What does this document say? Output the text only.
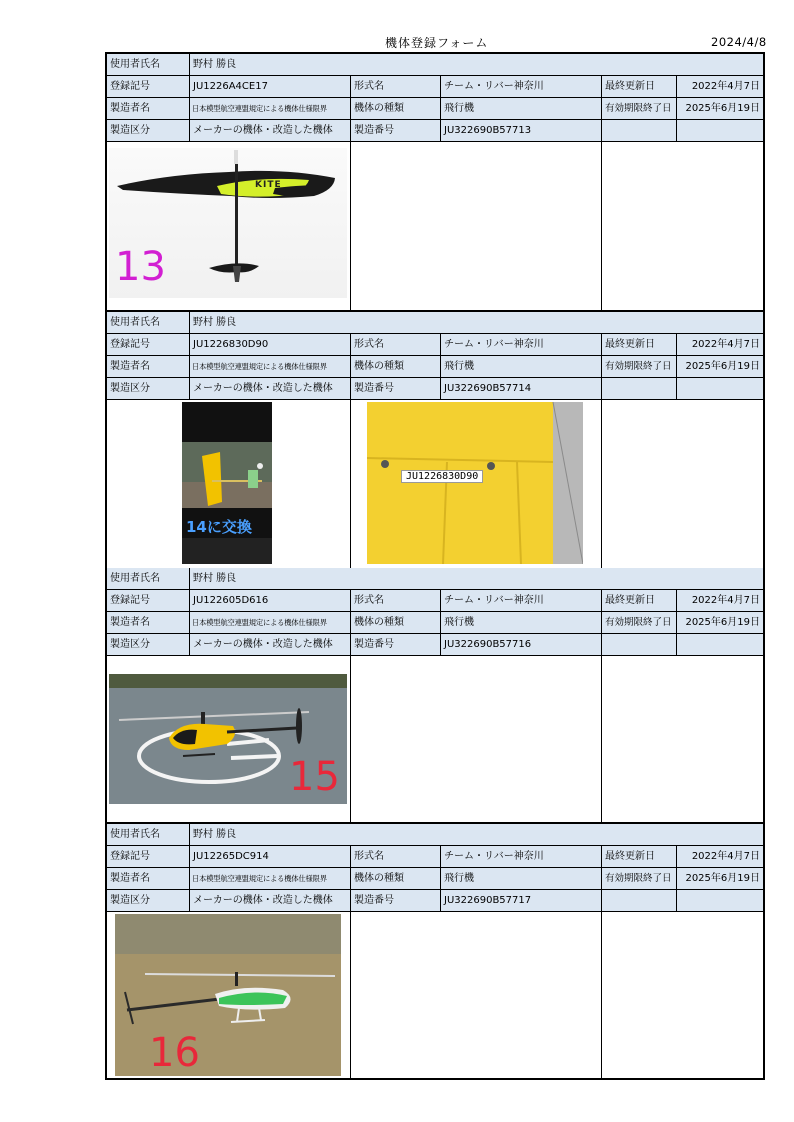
機体登録フォーム	2024/4/8
使用者氏名	野村 勝良
登録記号	JU1226A4CE17	形式名	チーム・リバー神奈川	最終更新日	2022年4月7日
製造者名	日本模型航空連盟規定による機体仕様限界	機体の種類	飛行機	有効期限終了日	2025年6月19日
製造区分	メーカーの機体・改造した機体	製造番号	JU322690B57713
KITE
13
使用者氏名	野村 勝良
登録記号	JU1226830D90	形式名	チーム・リバー神奈川	最終更新日	2022年4月7日
製造者名	日本模型航空連盟規定による機体仕様限界	機体の種類	飛行機	有効期限終了日	2025年6月19日
製造区分	メーカーの機体・改造した機体	製造番号	JU322690B57714
14に交換
JU1226830D90
使用者氏名	野村 勝良
登録記号	JU122605D616	形式名	チーム・リバー神奈川	最終更新日	2022年4月7日
製造者名	日本模型航空連盟規定による機体仕様限界	機体の種類	飛行機	有効期限終了日	2025年6月19日
製造区分	メーカーの機体・改造した機体	製造番号	JU322690B57716
15
使用者氏名	野村 勝良
登録記号	JU12265DC914	形式名	チーム・リバー神奈川	最終更新日	2022年4月7日
製造者名	日本模型航空連盟規定による機体仕様限界	機体の種類	飛行機	有効期限終了日	2025年6月19日
製造区分	メーカーの機体・改造した機体	製造番号	JU322690B57717
16
